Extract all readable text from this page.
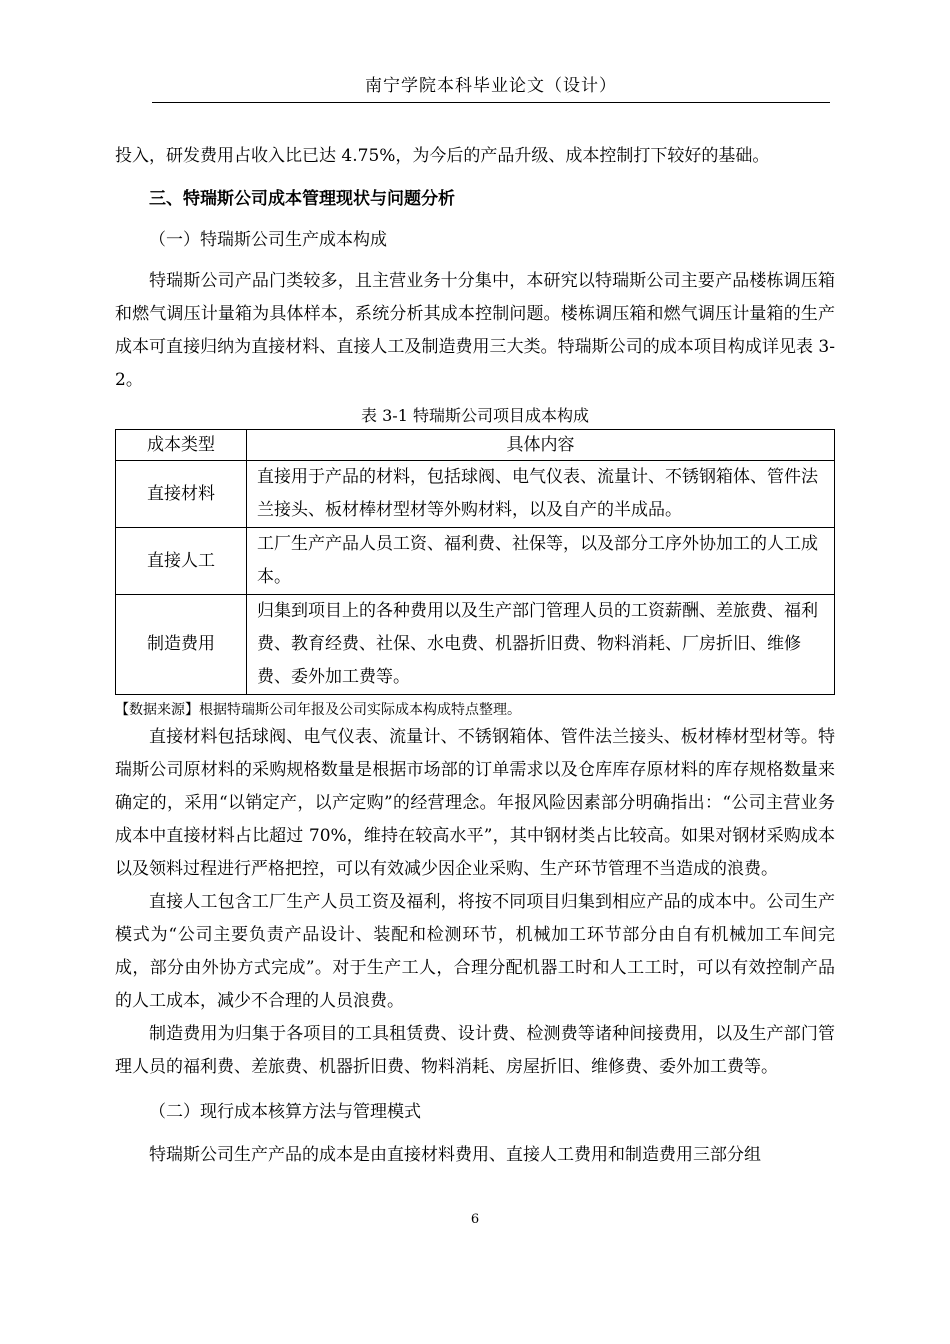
南宁学院本科毕业论文（设计）

投入，研发费用占收入比已达 4.75%，为今后的产品升级、成本控制打下较好的基础。

三、特瑞斯公司成本管理现状与问题分析

（一）特瑞斯公司生产成本构成

特瑞斯公司产品门类较多，且主营业务十分集中，本研究以特瑞斯公司主要产品楼栋调压箱和燃气调压计量箱为具体样本，系统分析其成本控制问题。楼栋调压箱和燃气调压计量箱的生产成本可直接归纳为直接材料、直接人工及制造费用三大类。特瑞斯公司的成本项目构成详见表 3-2。

表 3-1 特瑞斯公司项目成本构成
成本类型	具体内容
直接材料	直接用于产品的材料，包括球阀、电气仪表、流量计、不锈钢箱体、管件法兰接头、板材棒材型材等外购材料，以及自产的半成品。
直接人工	工厂生产产品人员工资、福利费、社保等，以及部分工序外协加工的人工成本。
制造费用	归集到项目上的各种费用以及生产部门管理人员的工资薪酬、差旅费、福利费、教育经费、社保、水电费、机器折旧费、物料消耗、厂房折旧、维修费、委外加工费等。
【数据来源】根据特瑞斯公司年报及公司实际成本构成特点整理。

直接材料包括球阀、电气仪表、流量计、不锈钢箱体、管件法兰接头、板材棒材型材等。特瑞斯公司原材料的采购规格数量是根据市场部的订单需求以及仓库库存原材料的库存规格数量来确定的，采用“以销定产，以产定购”的经营理念。年报风险因素部分明确指出：“公司主营业务成本中直接材料占比超过 70%，维持在较高水平”，其中钢材类占比较高。如果对钢材采购成本以及领料过程进行严格把控，可以有效减少因企业采购、生产环节管理不当造成的浪费。

直接人工包含工厂生产人员工资及福利，将按不同项目归集到相应产品的成本中。公司生产模式为“公司主要负责产品设计、装配和检测环节，机械加工环节部分由自有机械加工车间完成，部分由外协方式完成”。对于生产工人，合理分配机器工时和人工工时，可以有效控制产品的人工成本，减少不合理的人员浪费。

制造费用为归集于各项目的工具租赁费、设计费、检测费等诸种间接费用，以及生产部门管理人员的福利费、差旅费、机器折旧费、物料消耗、房屋折旧、维修费、委外加工费等。

（二）现行成本核算方法与管理模式

特瑞斯公司生产产品的成本是由直接材料费用、直接人工费用和制造费用三部分组

6
